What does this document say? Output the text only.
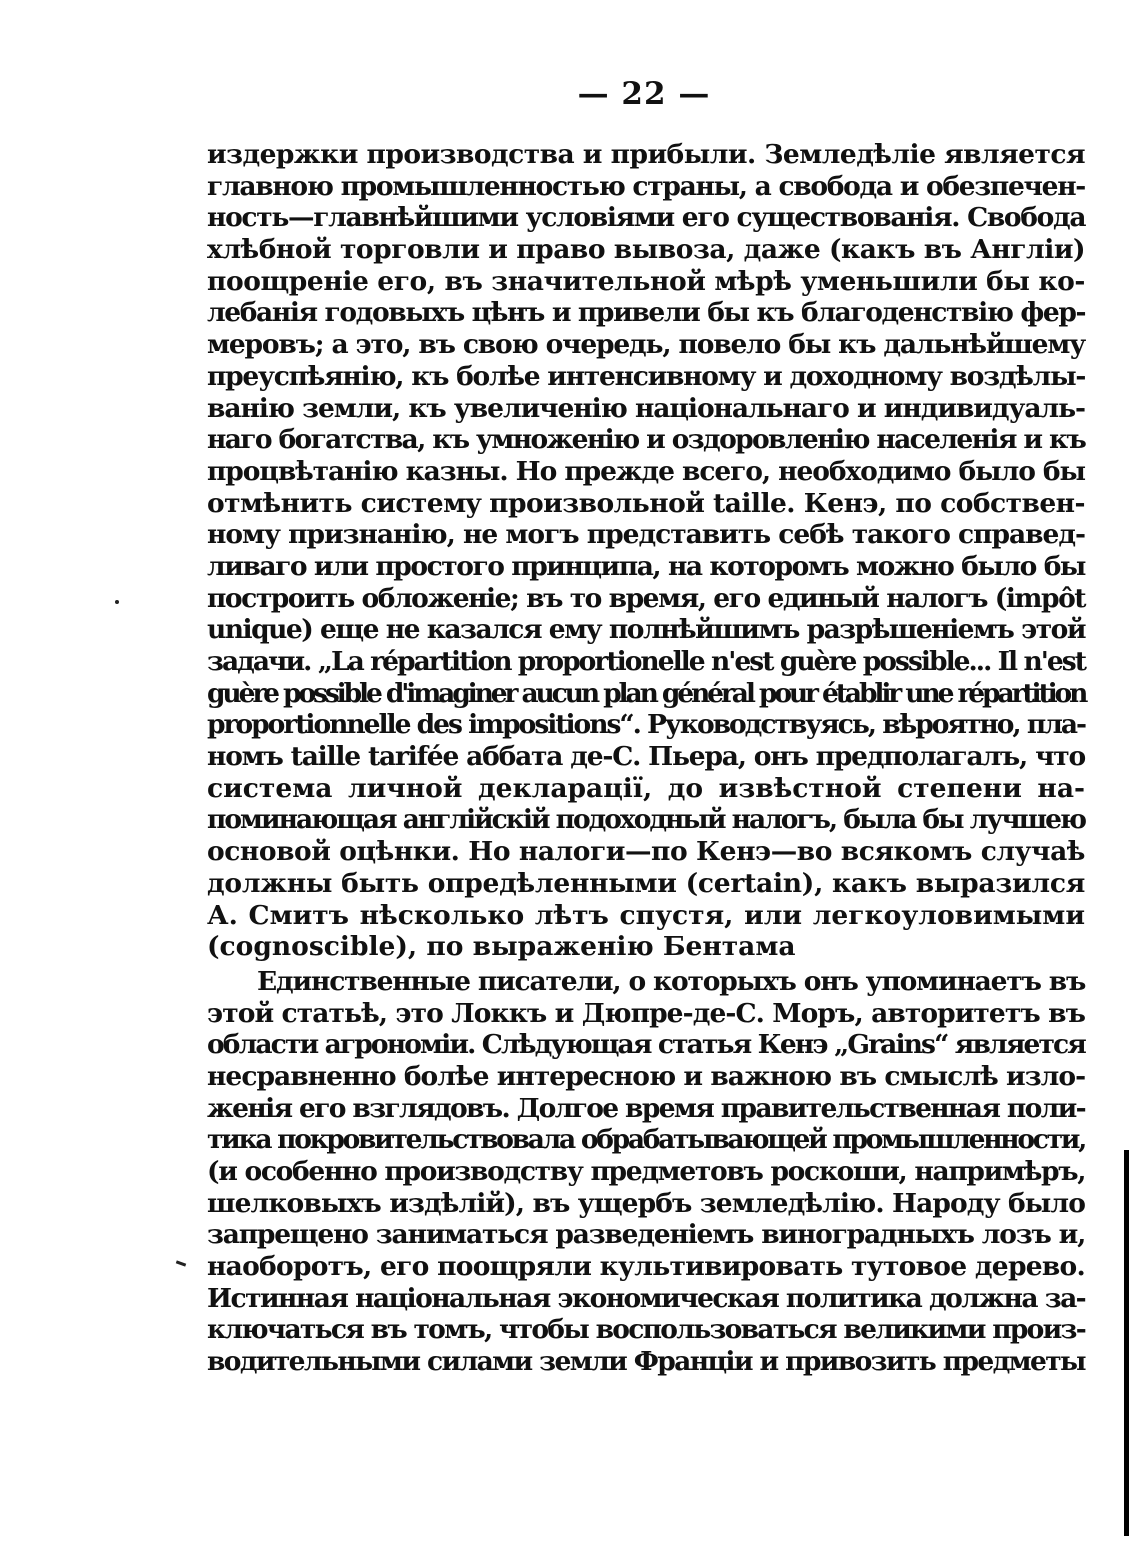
— 22 —
издержки производства и прибыли. Земледѣліе является
главною промышленностью страны, а свобода и обезпечен-
ность—главнѣйшими условіями его существованія. Свобода
хлѣбной торговли и право вывоза, даже (какъ въ Англіи)
поощреніе его, въ значительной мѣрѣ уменьшили бы ко-
лебанія годовыхъ цѣнъ и привели бы къ благоденствію фер-
меровъ; а это, въ свою очередь, повело бы къ дальнѣйшему
преуспѣянію, къ болѣе интенсивному и доходному воздѣлы-
ванію земли, къ увеличенію національнаго и индивидуаль-
наго богатства, къ умноженію и оздоровленію населенія и къ
процвѣтанію казны. Но прежде всего, необходимо было бы
отмѣнить системy произвольной taille. Кенэ, по собствен-
ному признанію, не могъ представить себѣ такого справед-
ливаго или простого принципа, на которомъ можно было бы
построить обложеніе; въ то время, его единый налогъ (impôt
unique) еще не казался ему полнѣйшимъ разрѣшеніемъ этой
задачи. „La répartition proportionelle n'est guère possible... Il n'est
guère possible d'imaginer aucun plan général pour établir une répartition
proportionnelle des impositions“. Руководствуясь, вѣроятно, пла-
номъ taille tarifée аббата де-С. Пьера, онъ предполагалъ, что
система личной декларації, до извѣстной степени на-
поминающая англійскій подоходный налогъ, была бы лучшею
основой оцѣнки. Но налоги—по Кенэ—во всякомъ случаѣ
должны быть опредѣленными (certain), какъ выразился
А. Смитъ нѣсколько лѣтъ спустя, или легкоуловимыми
(cognoscible), по выраженію Бентама
Единственные писатели, о которыхъ онъ упоминаетъ въ
этой статьѣ, это Локкъ и Дюпре-де-С. Моръ, авторитетъ въ
области агрономіи. Слѣдующая статья Кенэ „Grains“ является
несравненно болѣе интересною и важною въ смыслѣ изло-
женія его взглядовъ. Долгое время правительственная поли-
тика покровительствовала обрабатывающей промышленности,
(и особенно производству предметовъ роскоши, напримѣръ,
шелковыхъ издѣлій), въ ущербъ земледѣлію. Народу было
запрещено заниматься разведеніемъ виноградныхъ лозъ и,
наоборотъ, его поощряли культивировать тутовое дерево.
Истинная національная экономическая политика должна за-
ключаться въ томъ, чтобы воспользоваться великими произ-
водительными силами земли Франціи и привозить предметы
